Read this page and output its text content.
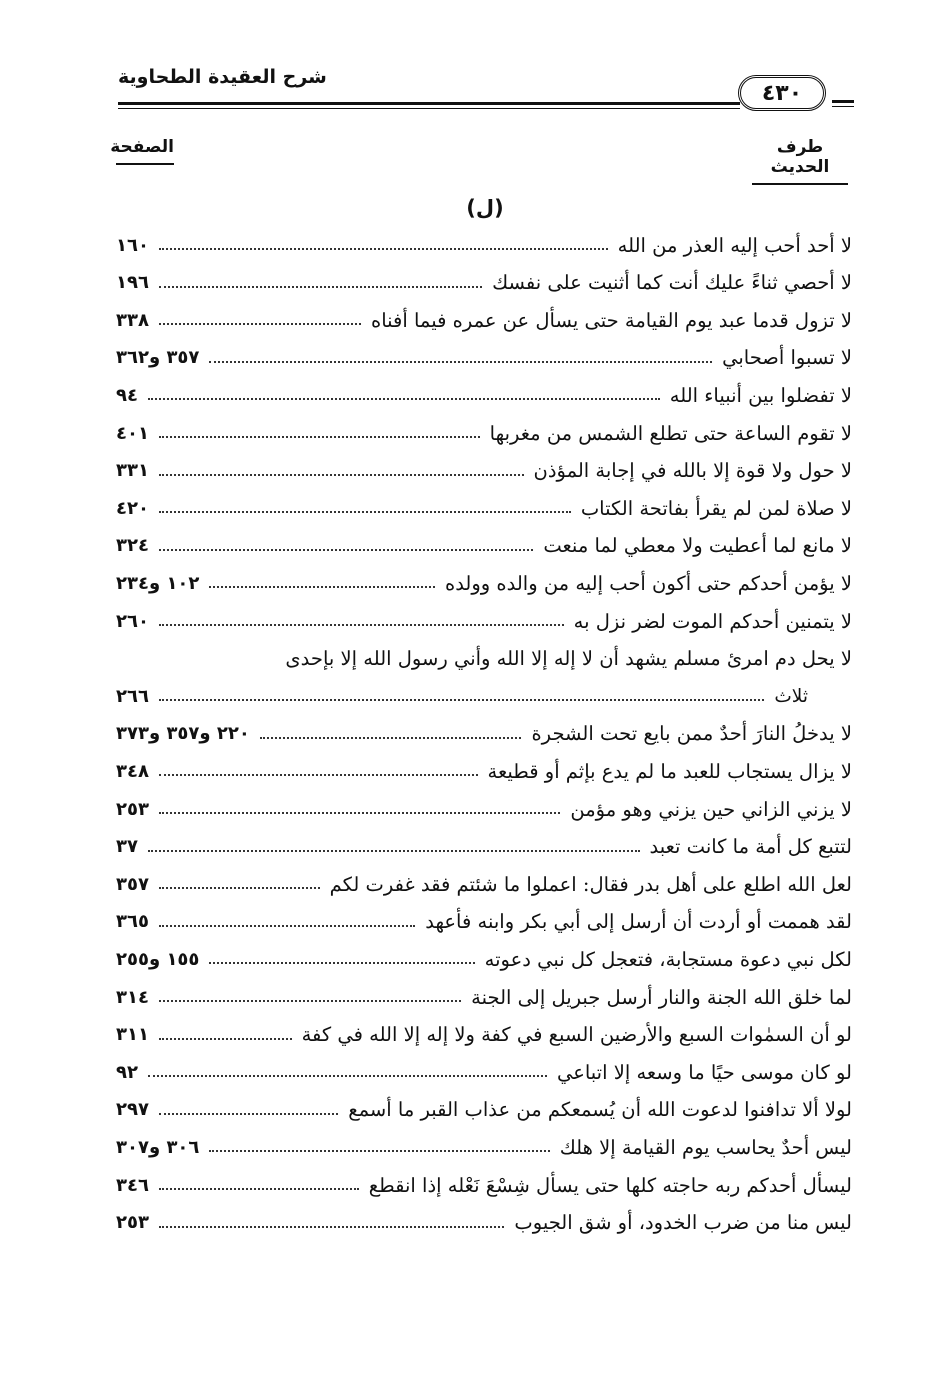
شرح العقيدة الطحاوية
٤٣٠
الصفحة	طرف الحديث
(ل)
لا أحد أحب إليه العذر من الله
١٦٠
لا أحصي ثناءً عليك أنت كما أثنيت على نفسك
١٩٦
لا تزول قدما عبد يوم القيامة حتى يسأل عن عمره فيما أفناه
٣٣٨
لا تسبوا أصحابي
٣٥٧ و٣٦٢
لا تفضلوا بين أنبياء الله
٩٤
لا تقوم الساعة حتى تطلع الشمس من مغربها
٤٠١
لا حول ولا قوة إلا بالله في إجابة المؤذن
٣٣١
لا صلاة لمن لم يقرأ بفاتحة الكتاب
٤٢٠
لا مانع لما أعطيت ولا معطي لما منعت
٣٢٤
لا يؤمن أحدكم حتى أكون أحب إليه من والده وولده
١٠٢ و٢٣٤
لا يتمنين أحدكم الموت لضر نزل به
٢٦٠
لا يحل دم امرئ مسلم يشهد أن لا إله إلا الله وأني رسول الله إلا بإحدى
ثلاث
٢٦٦
لا يدخلُ النارَ أحدٌ ممن بايع تحت الشجرة
٢٢٠ و٣٥٧ و٣٧٣
لا يزال يستجاب للعبد ما لم يدع بإثم أو قطيعة
٣٤٨
لا يزني الزاني حين يزني وهو مؤمن
٢٥٣
لتتبع كل أمة ما كانت تعبد
٣٧
لعل الله اطلع على أهل بدر فقال: اعملوا ما شئتم فقد غفرت لكم
٣٥٧
لقد هممت أو أردت أن أرسل إلى أبي بكر وابنه فأعهد
٣٦٥
لكل نبي دعوة مستجابة، فتعجل كل نبي دعوته
١٥٥ و٢٥٥
لما خلق الله الجنة والنار أرسل جبريل إلى الجنة
٣١٤
لو أن السمٰوات السبع والأرضين السبع في كفة ولا إله إلا الله في كفة
٣١١
لو كان موسى حيًا ما وسعه إلا اتباعي
٩٢
لولا ألا تدافنوا لدعوت الله أن يُسمعكم من عذاب القبر ما أسمع
٢٩٧
ليس أحدٌ يحاسب يوم القيامة إلا هلك
٣٠٦ و٣٠٧
ليسأل أحدكم ربه حاجته كلها حتى يسأل شِسْعَ نَعْله إذا انقطع
٣٤٦
ليس منا من ضرب الخدود، أو شق الجيوب
٢٥٣
